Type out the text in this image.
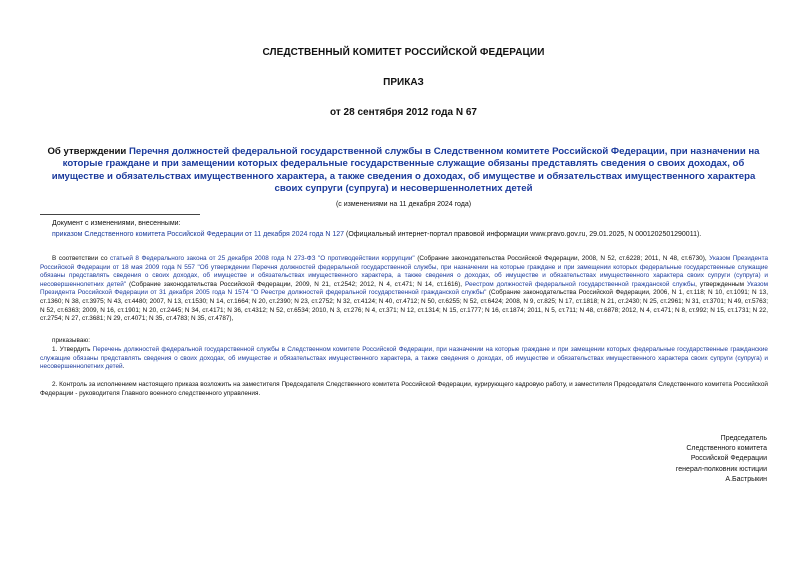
СЛЕДСТВЕННЫЙ КОМИТЕТ РОССИЙСКОЙ ФЕДЕРАЦИИ
ПРИКАЗ
от 28 сентября 2012 года N 67
Об утверждении Перечня должностей федеральной государственной службы в Следственном комитете Российской Федерации, при назначении на которые граждане и при замещении которых федеральные государственные служащие обязаны представлять сведения о своих доходах, об имуществе и обязательствах имущественного характера, а также сведения о доходах, об имуществе и обязательствах имущественного характера своих супруги (супруга) и несовершеннолетних детей
(с изменениями на 11 декабря 2024 года)
Документ с изменениями, внесенными:
приказом Следственного комитета Российской Федерации от 11 декабря 2024 года N 127 (Официальный интернет-портал правовой информации www.pravo.gov.ru, 29.01.2025, N 0001202501290011).
В соответствии со статьей 8 Федерального закона от 25 декабря 2008 года N 273-ФЗ "О противодействии коррупции" (Собрание законодательства Российской Федерации, 2008, N 52, ст.6228; 2011, N 48, ст.6730), Указом Президента Российской Федерации от 18 мая 2009 года N 557 "Об утверждении Перечня должностей федеральной государственной службы, при назначении на которые граждане и при замещении которых федеральные государственные служащие обязаны представлять сведения о своих доходах, об имуществе и обязательствах имущественного характера, а также сведения о доходах, об имуществе и обязательствах имущественного характера своих супруги (супруга) и несовершеннолетних детей" (Собрание законодательства Российской Федерации, 2009, N 21, ст.2542; 2012, N 4, ст.471; N 14, ст.1616), Реестром должностей федеральной государственной гражданской службы, утвержденным Указом Президента Российской Федерации от 31 декабря 2005 года N 1574 "О Реестре должностей федеральной государственной гражданской службы" (Собрание законодательства Российской Федерации, 2006, N 1, ст.118; N 10, ст.1091; N 13, ст.1360; N 38, ст.3975; N 43, ст.4480; 2007, N 13, ст.1530; N 14, ст.1664; N 20, ст.2390; N 23, ст.2752; N 32, ст.4124; N 40, ст.4712; N 50, ст.6255; N 52, ст.6424; 2008, N 9, ст.825; N 17, ст.1818; N 21, ст.2430; N 25, ст.2961; N 31, ст.3701; N 49, ст.5763; N 52, ст.6363; 2009, N 16, ст.1901; N 20, ст.2445; N 34, ст.4171; N 36, ст.4312; N 52, ст.6534; 2010, N 3, ст.276; N 4, ст.371; N 12, ст.1314; N 15, ст.1777; N 16, ст.1874; 2011, N 5, ст.711; N 48, ст.6878; 2012, N 4, ст.471; N 8, ст.992; N 15, ст.1731; N 22, ст.2754; N 27, ст.3681; N 29, ст.4071; N 35, ст.4783; N 35, ст.4787),
приказываю:
1. Утвердить Перечень должностей федеральной государственной службы в Следственном комитете Российской Федерации, при назначении на которые граждане и при замещении которых федеральные государственные гражданские служащие обязаны представлять сведения о своих доходах, об имуществе и обязательствах имущественного характера, а также сведения о доходах, об имуществе и обязательствах имущественного характера своих супруги (супруга) и несовершеннолетних детей.
2. Контроль за исполнением настоящего приказа возложить на заместителя Председателя Следственного комитета Российской Федерации, курирующего кадровую работу, и заместителя Председателя Следственного комитета Российской Федерации - руководителя Главного военного следственного управления.
Председатель
Следственного комитета
Российской Федерации
генерал-полковник юстиции
А.Бастрыкин
